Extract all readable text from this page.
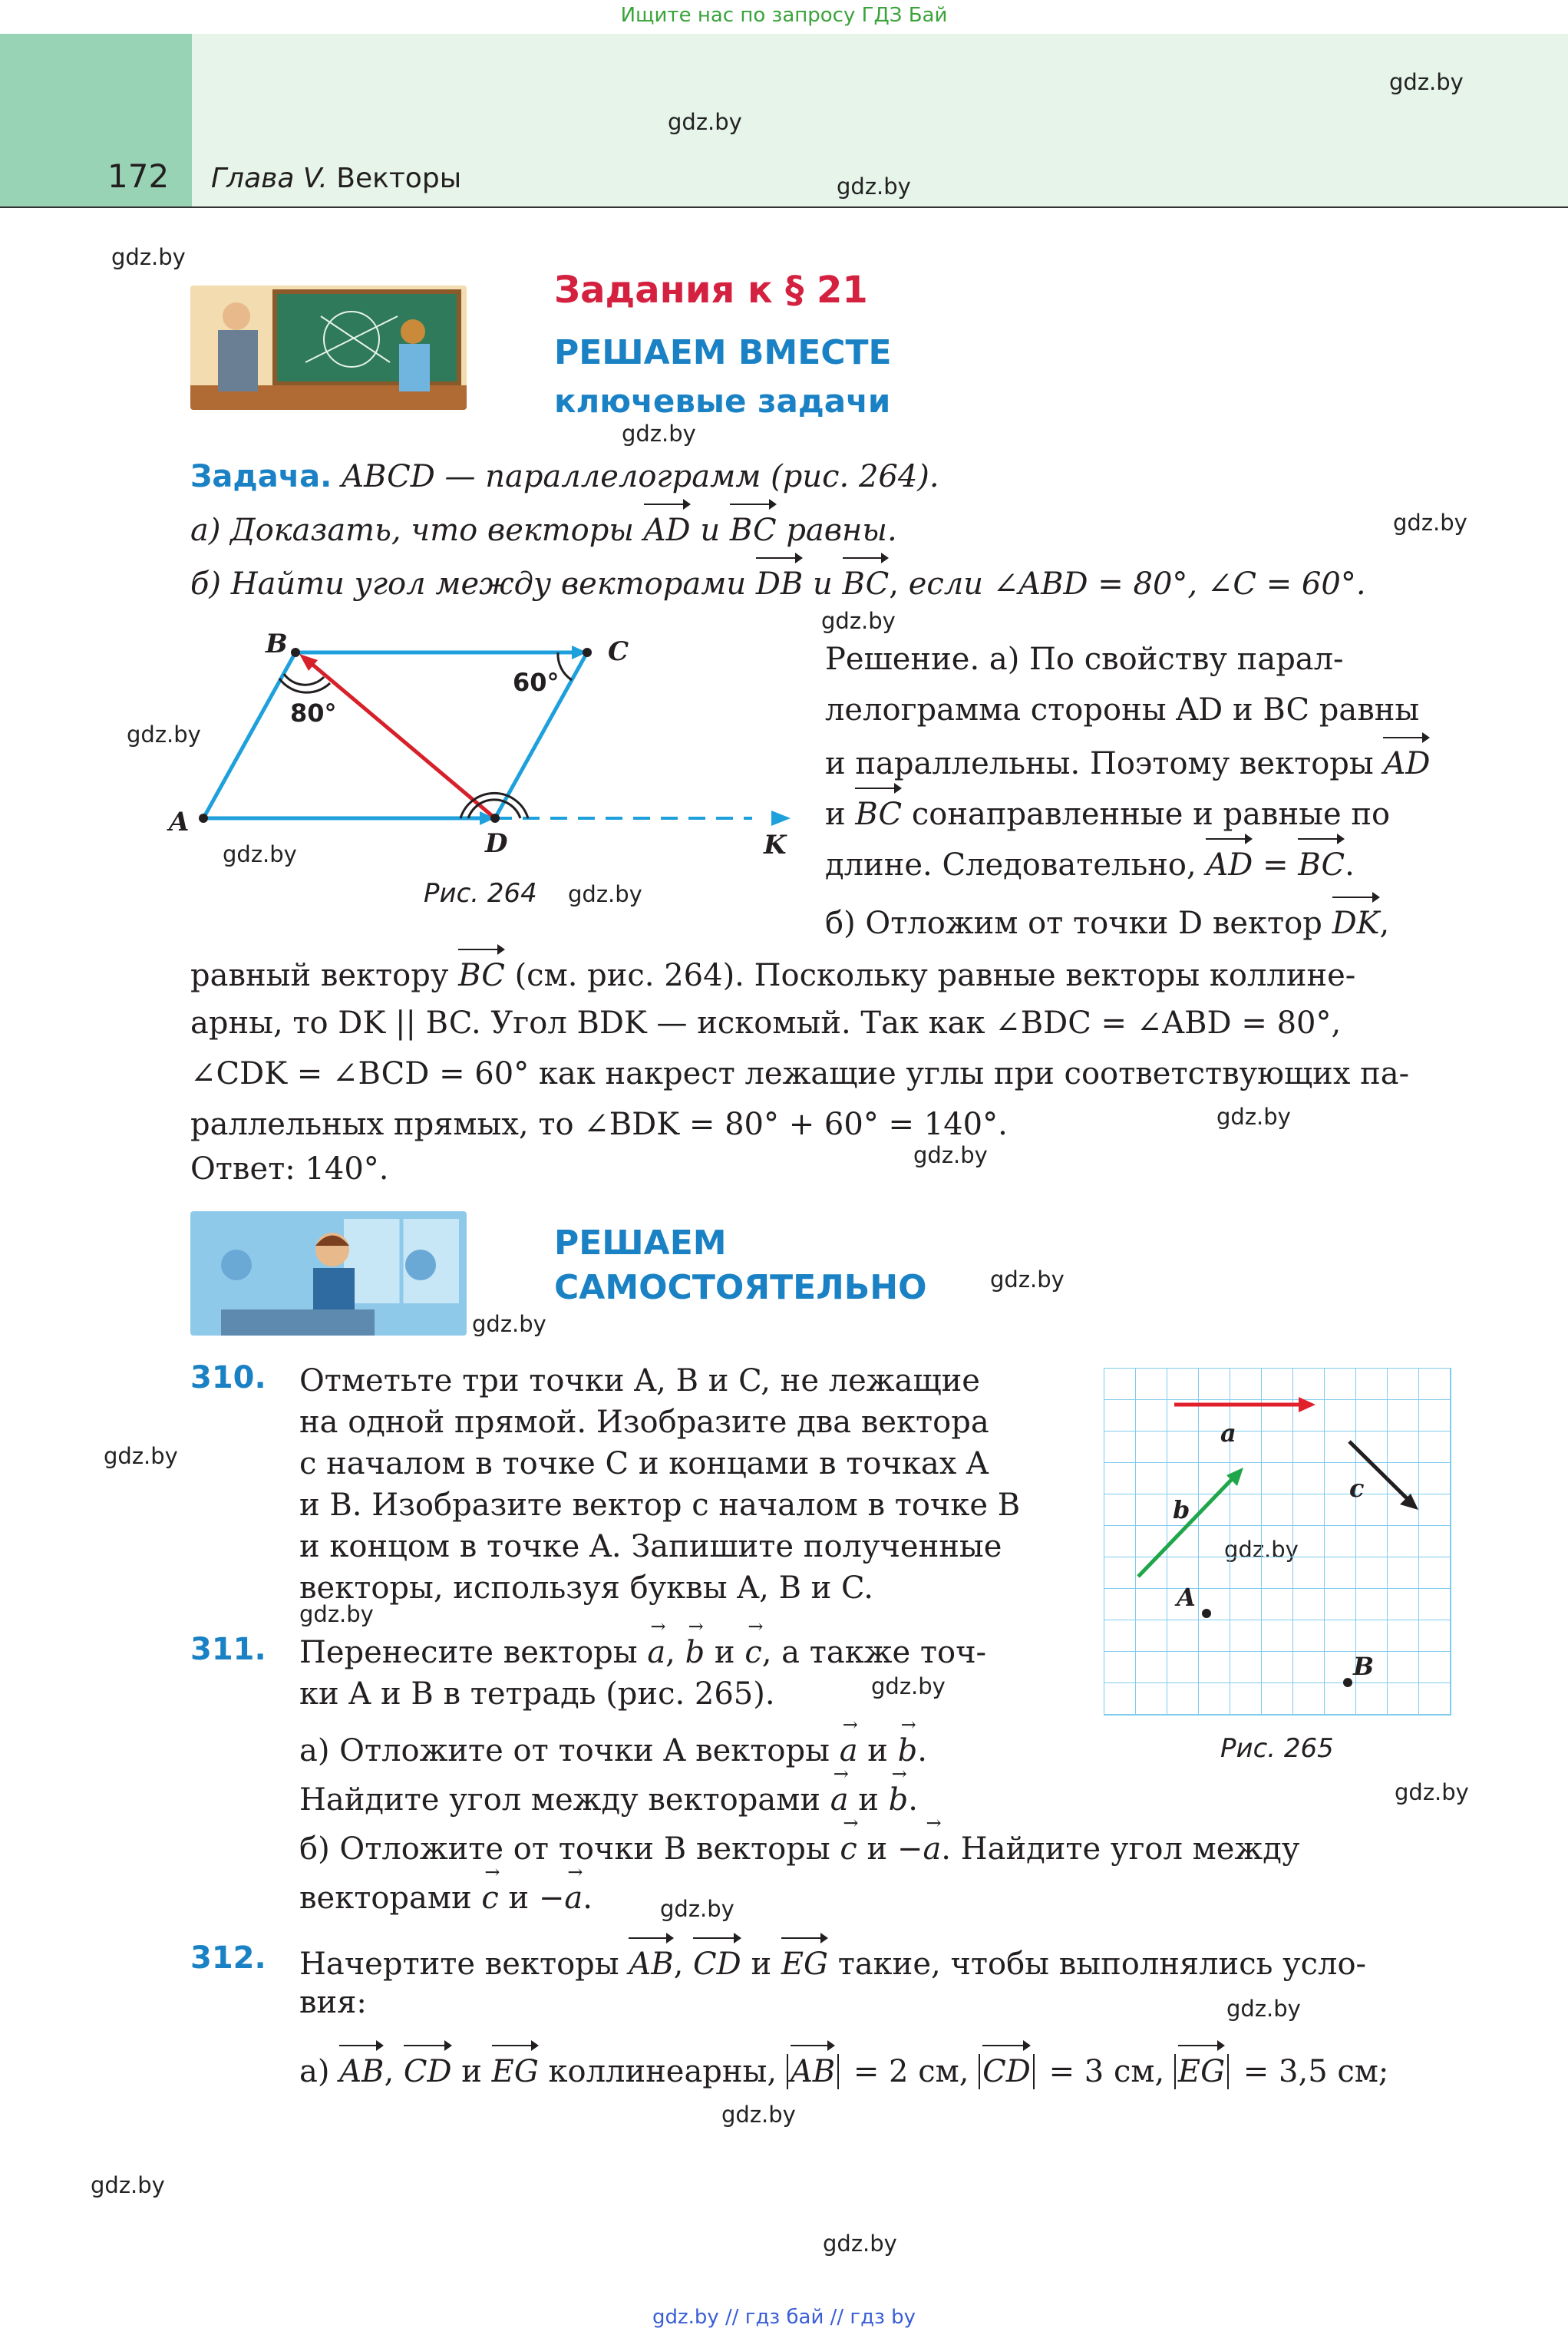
Ищите нас по запросу ГДЗ Бай
172 Глава V. Векторы
gdz.by
gdz.by
gdz.by
gdz.by
gdz.by
gdz.by
gdz.by
gdz.by
gdz.by
gdz.by
gdz.by
gdz.by
gdz.by
gdz.by
gdz.by
gdz.by
gdz.by
gdz.by
gdz.by
gdz.by
gdz.by
gdz.by
gdz.by
Задания к § 21
РЕШАЕМ ВМЕСТЕ
ключевые задачи
Задача. ABCD — параллелограмм (рис. 264).
а) Доказать, что векторы AD и BC равны.
б) Найти угол между векторами DB и BC, если ∠ABD = 80°, ∠C = 60°.
A
B	C
D	K
80°
60°
Рис. 264
Решение. а) По свойству парал-
лелограмма стороны AD и BC равны
и параллельны. Поэтому векторы AD
и BC сонаправленные и равные по
длине. Следовательно, AD = BC.
б) Отложим от точки D вектор DK,
равный вектору BC (см. рис. 264). Поскольку равные векторы коллине-
арны, то DK || BC. Угол BDK — искомый. Так как ∠BDC = ∠ABD = 80°,
∠CDK = ∠BCD = 60° как накрест лежащие углы при соответствующих па-
раллельных прямых, то ∠BDK = 80° + 60° = 140°.
Ответ: 140°.
РЕШАЕМ
САМОСТОЯТЕЛЬНО
310. Отметьте три точки A, B и C, не лежащие
на одной прямой. Изобразите два вектора
с началом в точке C и концами в точках A
и B. Изобразите вектор с началом в точке B
и концом в точке A. Запишите полученные
векторы, используя буквы A, B и C.
a
b
c
A
B
Рис. 265
311. Перенесите векторы a →, b → и c →, а также точ-
ки A и B в тетрадь (рис. 265).
а) Отложите от точки A векторы a → и b →.
Найдите угол между векторами a → и b →.
б) Отложите от точки B векторы c → и −a →. Найдите угол между
векторами c → и −a →.
312. Начертите векторы AB, CD и EG такие, чтобы выполнялись усло-
вия:
а) AB, CD и EG коллинеарны, AB = 2 см, CD = 3 см, EG = 3,5 см;
gdz.by // гдз бай // гдз by
